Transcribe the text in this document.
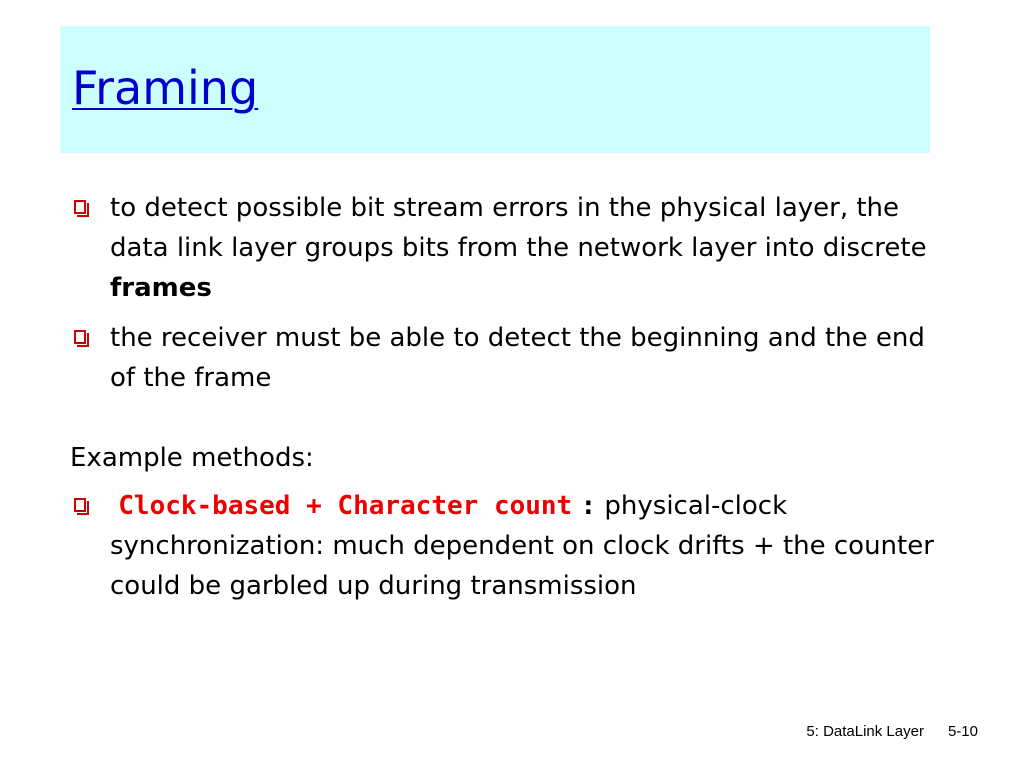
Framing
to detect possible bit stream errors in the physical layer, the data link layer groups bits from the network layer into discrete frames
the receiver must be able to detect the beginning and the end of the frame
Example methods:
Clock-based + Character count : physical-clock synchronization: much dependent on clock drifts + the counter could be garbled up during transmission
5: DataLink Layer 5-10
